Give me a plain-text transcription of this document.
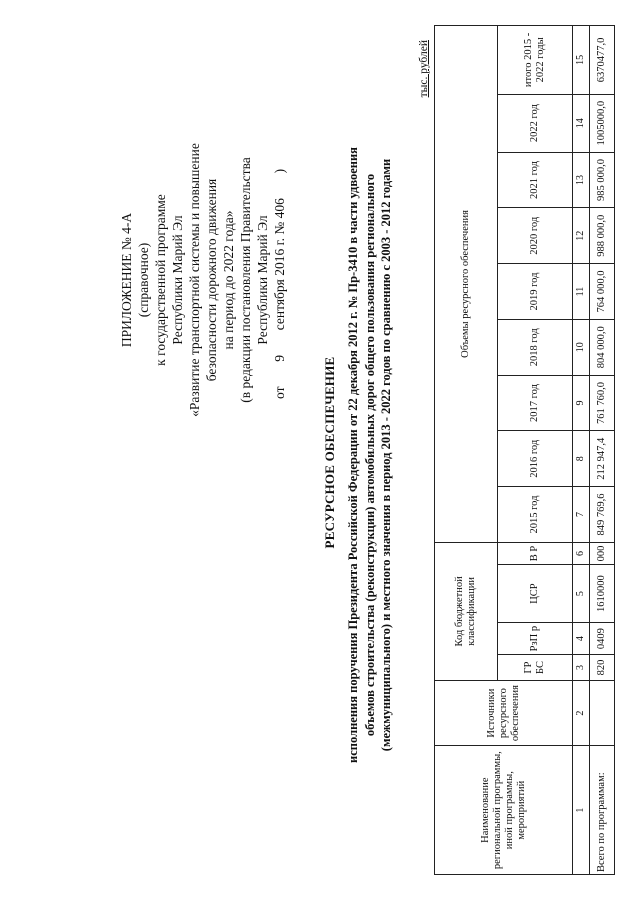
ПРИЛОЖЕНИЕ № 4-А (справочное) к государственной программе Республики Марий Эл «Развитие транспортной системы и повышение безопасности дорожного движения на период до 2022 года» (в редакции постановления Правительства Республики Марий Эл
от  9  сентября 2016 г. № 406  )
РЕСУРСНОЕ ОБЕСПЕЧЕНИЕ исполнения поручения Президента Российской Федерации от 22 декабря 2012 г. № Пр-3410 в части удвоения объемов строительства (реконструкции) автомобильных дорог общего пользования регионального (межмуниципального) и местного значения в период 2013 - 2022 годов по сравнению с 2003 - 2012 годами
тыс. рублей
Наименование региональной программы, иной программы, мероприятий	Источники ресурсного обеспечения	Код бюджетной классификации				Объемы ресурсного обеспечения								
		ГР БС	РзП р	ЦСР	В Р	2015 год	2016 год	2017 год	2018 год	2019 год	2020 год	2021 год	2022 год	итого 2015 - 2022 годы
1	2	3	4	5	6	7	8	9	10	11	12	13	14	15
Всего по программам:		820	0409	1610000	000	849 769,6	212 947,4	761 760,0	804 000,0	764 000,0	988 000,0	985 000,0	1005000,0	6370477,0
